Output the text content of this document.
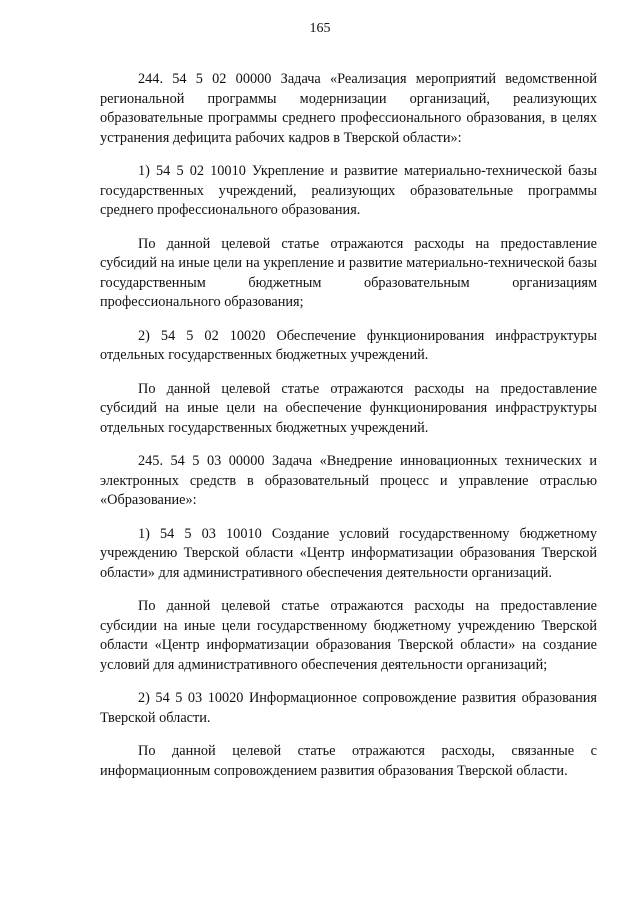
165

244. 54 5 02 00000 Задача «Реализация мероприятий ведомственной региональной программы модернизации организаций, реализующих образовательные программы среднего профессионального образования, в целях устранения дефицита рабочих кадров в Тверской области»:

1) 54 5 02 10010 Укрепление и развитие материально-технической базы государственных учреждений, реализующих образовательные программы среднего профессионального образования.

По данной целевой статье отражаются расходы на предоставление субсидий на иные цели на укрепление и развитие материально-технической базы государственным бюджетным образовательным организациям профессионального образования;

2) 54 5 02 10020 Обеспечение функционирования инфраструктуры отдельных государственных бюджетных учреждений.

По данной целевой статье отражаются расходы на предоставление субсидий на иные цели на обеспечение функционирования инфраструктуры отдельных государственных бюджетных учреждений.

245. 54 5 03 00000 Задача «Внедрение инновационных технических и электронных средств в образовательный процесс и управление отраслью «Образование»:

1) 54 5 03 10010 Создание условий государственному бюджетному учреждению Тверской области «Центр информатизации образования Тверской области» для административного обеспечения деятельности организаций.

По данной целевой статье отражаются расходы на предоставление субсидии на иные цели государственному бюджетному учреждению Тверской области «Центр информатизации образования Тверской области» на создание условий для административного обеспечения деятельности организаций;

2) 54 5 03 10020 Информационное сопровождение развития образования Тверской области.

По данной целевой статье отражаются расходы, связанные с информационным сопровождением развития образования Тверской области.
